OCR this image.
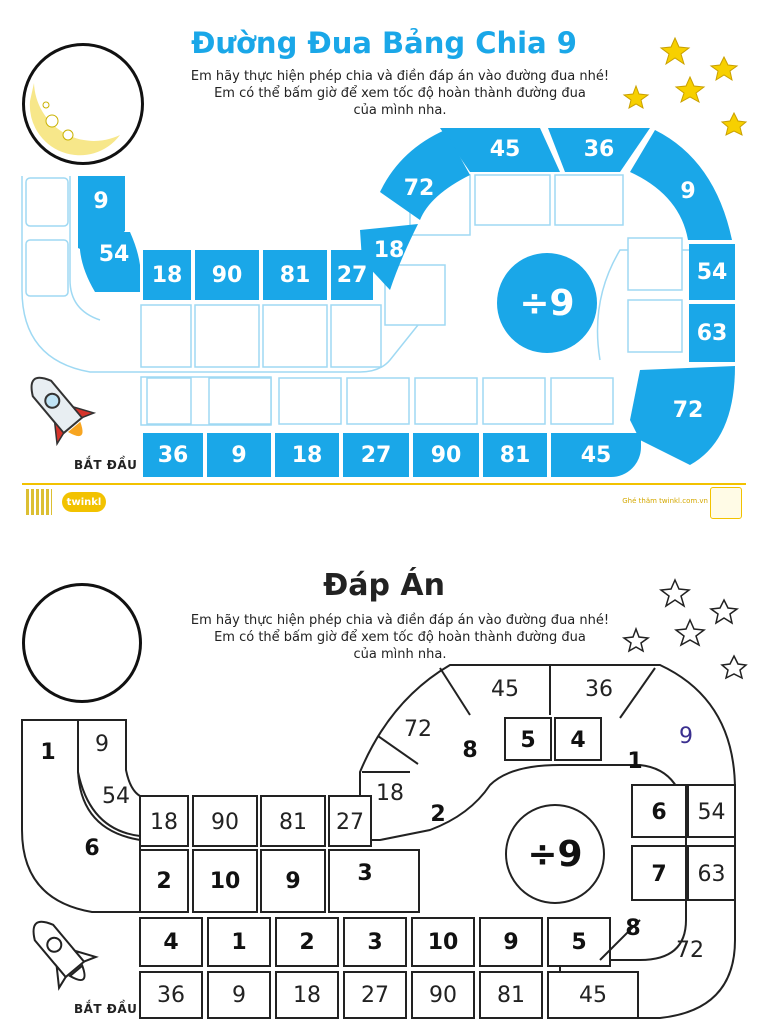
Đường Đua Bảng Chia 9
Em hãy thực hiện phép chia và điền đáp án vào đường đua nhé!
Em có thể bấm giờ để xem tốc độ hoàn thành đường đua
của mình nha.
÷9
9
54
18	90	81	27
18
72
45	36
9
54
63
72
36	9	18	27	90	81	45
BẮT ĐẦU
twinkl	Ghé thăm twinkl.com.vn
Đáp Án
Em hãy thực hiện phép chia và điền đáp án vào đường đua nhé!
Em có thể bấm giờ để xem tốc độ hoàn thành đường đua
của mình nha.
÷9
9
54
18	90	81	27
18
72
45	36
9
54
63
72
36	9	18	27	90	81	45
1
6
2	10	9	3
2
8	5	4
1
6
7
8
4	1	2	3	10	9	5
BẮT ĐẦU
